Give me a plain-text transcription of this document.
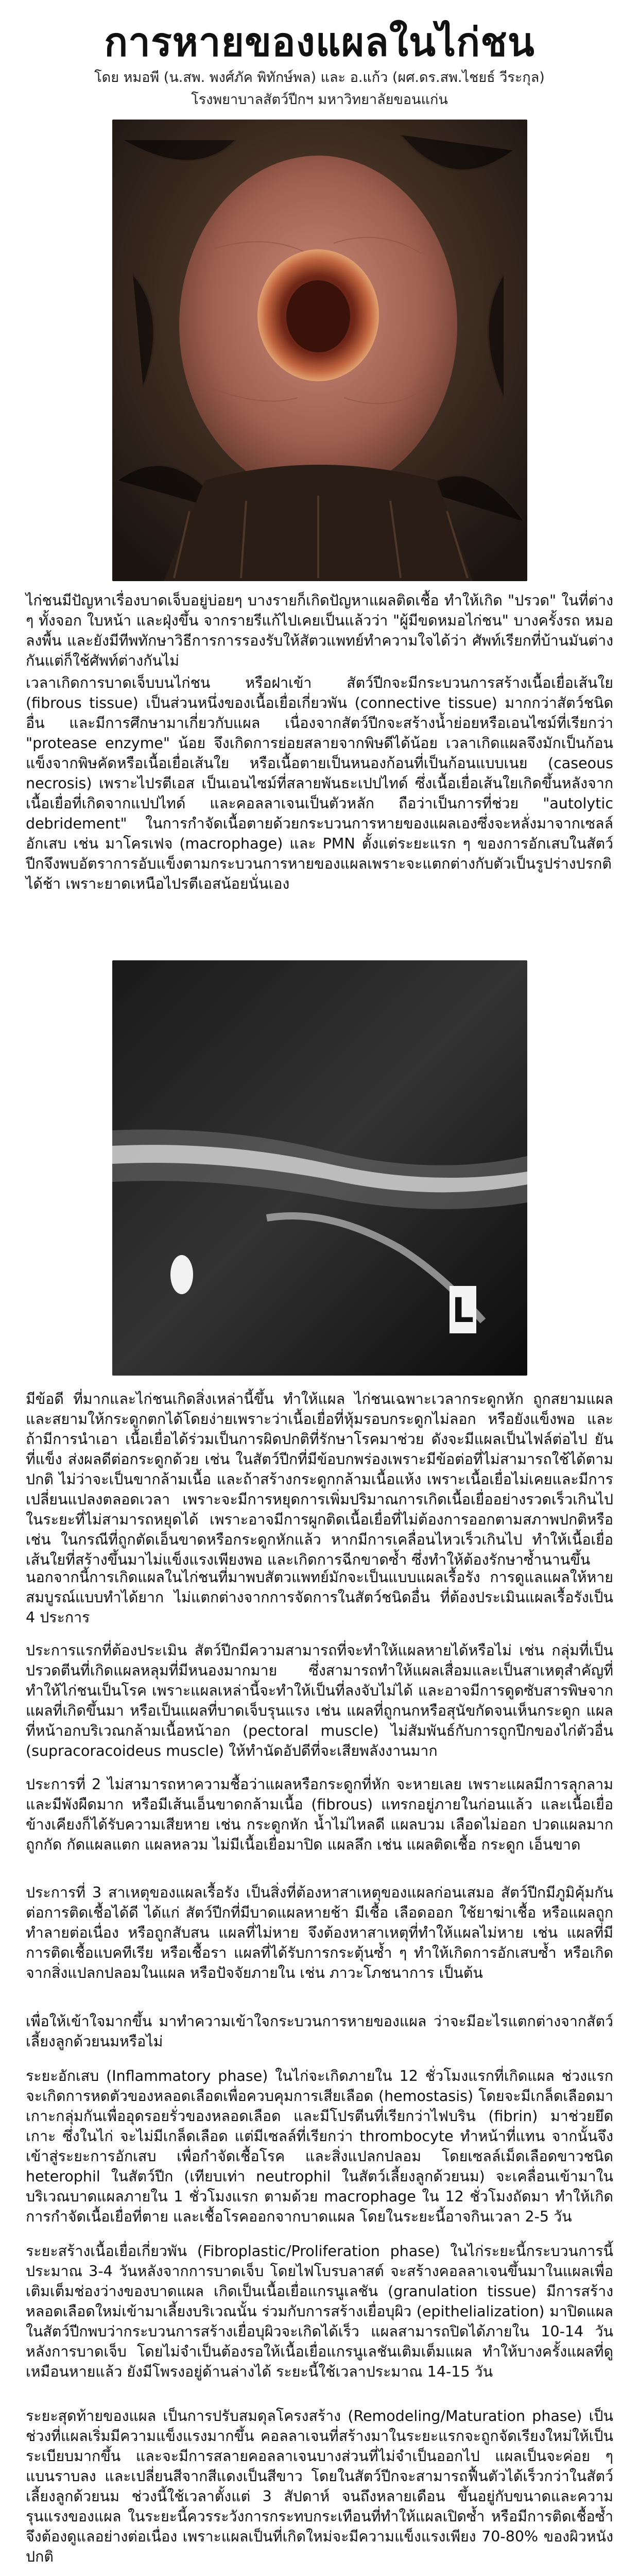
การหายของแผลในไก่ชน
โดย หมอพี (น.สพ. พงศ์ภัค พิทักษ์พล) และ อ.แก้ว (ผศ.ดร.สพ.ไชยธ์ วีระกุล)
โรงพยาบาลสัตว์ปีกฯ มหาวิทยาลัยขอนแก่น

ไก่ชนมีปัญหาเรื่องบาดเจ็บอยู่บ่อยๆ บางรายก็เกิดปัญหาแผลติดเชื้อ ทำให้เกิด "ปรวด" ในที่ต่าง ๆ ทั้งจอก ใบหน้า และฝุ่งขึ้น จากรายรีแก้ไปเคยเป็นแล้วว่า "ผู้มีขดหมอไก่ชน" บางครั้งรถ หมอ ลงพื้น และยังมีทีพทักษาวิธีการการรองรับให้สัตวแพทย์ทำความใจได้ว่า ศัพท์เรียกที่บ้านมันต่างกันแต่ก็ใช้ศัพท์ต่างกันไม่

เวลาเกิดการบาดเจ็บบนไก่ชน หรือฝาเข้า สัตว์ปีกจะมีกระบวนการสร้างเนื้อเยื่อเส้นใย (fibrous tissue) เป็นส่วนหนึ่งของเนื้อเยื่อเกี่ยวพัน (connective tissue) มากกว่าสัตว์ชนิดอื่น และมีการศึกษามาเกี่ยวกับแผล เนื่องจากสัตว์ปีกจะสร้างน้ำย่อยหรือเอนไซม์ที่เรียกว่า "protease enzyme" น้อย จึงเกิดการย่อยสลายจากพิษดีได้น้อย เวลาเกิดแผลจึงมักเป็นก้อนแข็งจากพิษคัดหรือเนื้อเยื่อเส้นใย หรือเนื้อตายเป็นหนองก้อนที่เป็นก้อนแบบเนย (caseous necrosis) เพราะไปรตีเอส เป็นเอนไซม์ที่สลายพันธะเปปไทด์ ซึ่งเนื้อเยื่อเส้นใยเกิดขึ้นหลังจากเนื้อเยื่อที่เกิดจากแปปไทด์ และคอลลาเจนเป็นตัวหลัก ถือว่าเป็นการที่ช่วย "autolytic debridement" ในการกำจัดเนื้อตายด้วยกระบวนการหายของแผลเองซึ่งจะหลั่งมาจากเซลล์อักเสบ เช่น มาโครเฟจ (macrophage) และ PMN ตั้งแต่ระยะแรก ๆ ของการอักเสบในสัตว์ปีกจึงพบอัตราการอับแข็งตามกระบวนการหายของแผลเพราะจะแตกต่างกับตัวเป็นรูปร่างปรกติได้ช้า เพราะยาดเหนือไปรตีเอสน้อยนั่นเอง

L

มีข้อดี ที่มากและไก่ชนเกิดสิ่งเหล่านี้ขึ้น ทำให้แผล ไก่ชนเฉพาะเวลากระดูกหัก ถูกสยามแผลและสยามให้กระดูกตกได้โดยง่ายเพราะว่าเนื้อเยื่อที่หุ้มรอบกระดูกไม่ลอก หรือยังแข็งพอ และถ้ามีการนำเอา เนื้อเยื่อได้ร่วมเป็นการผิดปกติที่รักษาโรคมาช่วย ดังจะมีแผลเป็นไฟล์ต่อไป ยันที่แข็ง ส่งผลดีต่อกระดูกด้วย เช่น ในสัตว์ปีกที่มีข้อบกพร่องเพราะมีข้อต่อที่ไม่สามารถใช้ได้ตามปกติ ไม่ว่าจะเป็นขากล้ามเนื้อ และถ้าสร้างกระดูกกล้ามเนื้อแห้ง เพราะเนื้อเยื่อไม่เคยและมีการเปลี่ยนแปลงตลอดเวลา เพราะจะมีการหยุดการเพิ่มปริมาณการเกิดเนื้อเยื่ออย่างรวดเร็วเกินไป ในระยะที่ไม่สามารถหยุดได้ เพราะอาจมีการผูกติดเนื้อเยื่อที่ไม่ต้องการออกตามสภาพปกติหรือ เช่น ในกรณีที่ถูกตัดเอ็นขาดหรือกระดูกหักแล้ว หากมีการเคลื่อนไหวเร็วเกินไป ทำให้เนื้อเยื่อเส้นใยที่สร้างขึ้นมาไม่แข็งแรงเพียงพอ และเกิดการฉีกขาดซ้ำ ซึ่งทำให้ต้องรักษาซ้ำนานขึ้น

นอกจากนี้การเกิดแผลในไก่ชนที่มาพบสัตวแพทย์มักจะเป็นแบบแผลเรื้อรัง การดูแลแผลให้หายสมบูรณ์แบบทำได้ยาก ไม่แตกต่างจากการจัดการในสัตว์ชนิดอื่น ที่ต้องประเมินแผลเรื้อรังเป็น 4 ประการ

ประการแรกที่ต้องประเมิน สัตว์ปีกมีความสามารถที่จะทำให้แผลหายได้หรือไม่ เช่น กลุ่มที่เป็นปรวดตีนที่เกิดแผลหลุมที่มีหนองมากมาย ซึ่งสามารถทำให้แผลเสื่อมและเป็นสาเหตุสำคัญที่ทำให้ไก่ชนเป็นโรค เพราะแผลเหล่านี้จะทำให้เป็นที่ลงจับไม่ได้ และอาจมีการดูดซับสารพิษจากแผลที่เกิดขึ้นมา หรือเป็นแผลที่บาดเจ็บรุนแรง เช่น แผลที่ถูกนกหรือสุนัขกัดจนเห็นกระดูก แผลที่หน้าอกบริเวณกล้ามเนื้อหน้าอก (pectoral muscle) ไม่สัมพันธ์กับการถูกปีกของไก่ตัวอื่น (supracoracoideus muscle) ให้ทำนัดอัปดีที่จะเสียพลังงานมาก

ประการที่ 2 ไม่สามารถหาความชื้อว่าแผลหรือกระดูกที่หัก จะหายเลย เพราะแผลมีการลุกลามและมีพังผืดมาก หรือมีเส้นเอ็นขาดกล้ามเนื้อ (fibrous) แทรกอยู่ภายในก่อนแล้ว และเนื้อเยื่อข้างเคียงก็ได้รับความเสียหาย เช่น กระดูกหัก น้ำไม่ไหลดี แผลบวม เลือดไม่ออก ปวดแผลมาก ถูกกัด กัดแผลแตก แผลหลวม ไม่มีเนื้อเยื่อมาปิด แผลลึก เช่น แผลติดเชื้อ กระดูก เอ็นขาด

ประการที่ 3 สาเหตุของแผลเรื้อรัง เป็นสิ่งที่ต้องหาสาเหตุของแผลก่อนเสมอ สัตว์ปีกมีภูมิคุ้มกันต่อการติดเชื้อได้ดี ได้แก่ สัตว์ปีกที่มีบาดแผลหายช้า มีเชื้อ เลือดออก ใช้ยาฆ่าเชื้อ หรือแผลถูกทำลายต่อเนื่อง หรือถูกสับสน แผลที่ไม่หาย จึงต้องหาสาเหตุที่ทำให้แผลไม่หาย เช่น แผลที่มีการติดเชื้อแบคทีเรีย หรือเชื้อรา แผลที่ได้รับการกระตุ้นซ้ำ ๆ ทำให้เกิดการอักเสบซ้ำ หรือเกิดจากสิ่งแปลกปลอมในแผล หรือปัจจัยภายใน เช่น ภาวะโภชนาการ เป็นต้น

เพื่อให้เข้าใจมากขึ้น มาทำความเข้าใจกระบวนการหายของแผล ว่าจะมีอะไรแตกต่างจากสัตว์เลี้ยงลูกด้วยนมหรือไม่

ระยะอักเสบ (Inflammatory phase) ในไก่จะเกิดภายใน 12 ชั่วโมงแรกที่เกิดแผล ช่วงแรกจะเกิดการหดตัวของหลอดเลือดเพื่อควบคุมการเสียเลือด (hemostasis) โดยจะมีเกล็ดเลือดมาเกาะกลุ่มกันเพื่ออุดรอยรั่วของหลอดเลือด และมีโปรตีนที่เรียกว่าไฟบริน (fibrin) มาช่วยยึดเกาะ ซึ่งในไก่ จะไม่มีเกล็ดเลือด แต่มีเซลล์ที่เรียกว่า thrombocyte ทำหน้าที่แทน จากนั้นจึงเข้าสู่ระยะการอักเสบ เพื่อกำจัดเชื้อโรค และสิ่งแปลกปลอม โดยเซลล์เม็ดเลือดขาวชนิด heterophil ในสัตว์ปีก (เทียบเท่า neutrophil ในสัตว์เลี้ยงลูกด้วยนม) จะเคลื่อนเข้ามาในบริเวณบาดแผลภายใน 1 ชั่วโมงแรก ตามด้วย macrophage ใน 12 ชั่วโมงถัดมา ทำให้เกิดการกำจัดเนื้อเยื่อที่ตาย และเชื้อโรคออกจากบาดแผล โดยในระยะนี้อาจกินเวลา 2-5 วัน

ระยะสร้างเนื้อเยื่อเกี่ยวพัน (Fibroplastic/Proliferation phase) ในไก่ระยะนี้กระบวนการนี้ ประมาณ 3-4 วันหลังจากการบาดเจ็บ โดยไฟโบรบลาสต์ จะสร้างคอลลาเจนขึ้นมาในแผลเพื่อเติมเต็มช่องว่างของบาดแผล เกิดเป็นเนื้อเยื่อแกรนูเลชัน (granulation tissue) มีการสร้างหลอดเลือดใหม่เข้ามาเลี้ยงบริเวณนั้น ร่วมกับการสร้างเยื่อบุผิว (epithelialization) มาปิดแผล ในสัตว์ปีกพบว่ากระบวนการสร้างเยื่อบุผิวจะเกิดได้เร็ว แผลสามารถปิดได้ภายใน 10-14 วันหลังการบาดเจ็บ โดยไม่จำเป็นต้องรอให้เนื้อเยื่อแกรนูเลชันเติมเต็มแผล ทำให้บางครั้งแผลที่ดูเหมือนหายแล้ว ยังมีโพรงอยู่ด้านล่างได้ ระยะนี้ใช้เวลาประมาณ 14-15 วัน

ระยะสุดท้ายของแผล เป็นการปรับสมดุลโครงสร้าง (Remodeling/Maturation phase) เป็นช่วงที่แผลเริ่มมีความแข็งแรงมากขึ้น คอลลาเจนที่สร้างมาในระยะแรกจะถูกจัดเรียงใหม่ให้เป็นระเบียบมากขึ้น และจะมีการสลายคอลลาเจนบางส่วนที่ไม่จำเป็นออกไป แผลเป็นจะค่อย ๆ แบนราบลง และเปลี่ยนสีจากสีแดงเป็นสีขาว โดยในสัตว์ปีกจะสามารถฟื้นตัวได้เร็วกว่าในสัตว์เลี้ยงลูกด้วยนม ช่วงนี้ใช้เวลาตั้งแต่ 3 สัปดาห์ จนถึงหลายเดือน ขึ้นอยู่กับขนาดและความรุนแรงของแผล ในระยะนี้ควรระวังการกระทบกระเทือนที่ทำให้แผลเปิดซ้ำ หรือมีการติดเชื้อซ้ำ จึงต้องดูแลอย่างต่อเนื่อง เพราะแผลเป็นที่เกิดใหม่จะมีความแข็งแรงเพียง 70-80% ของผิวหนังปกติ
